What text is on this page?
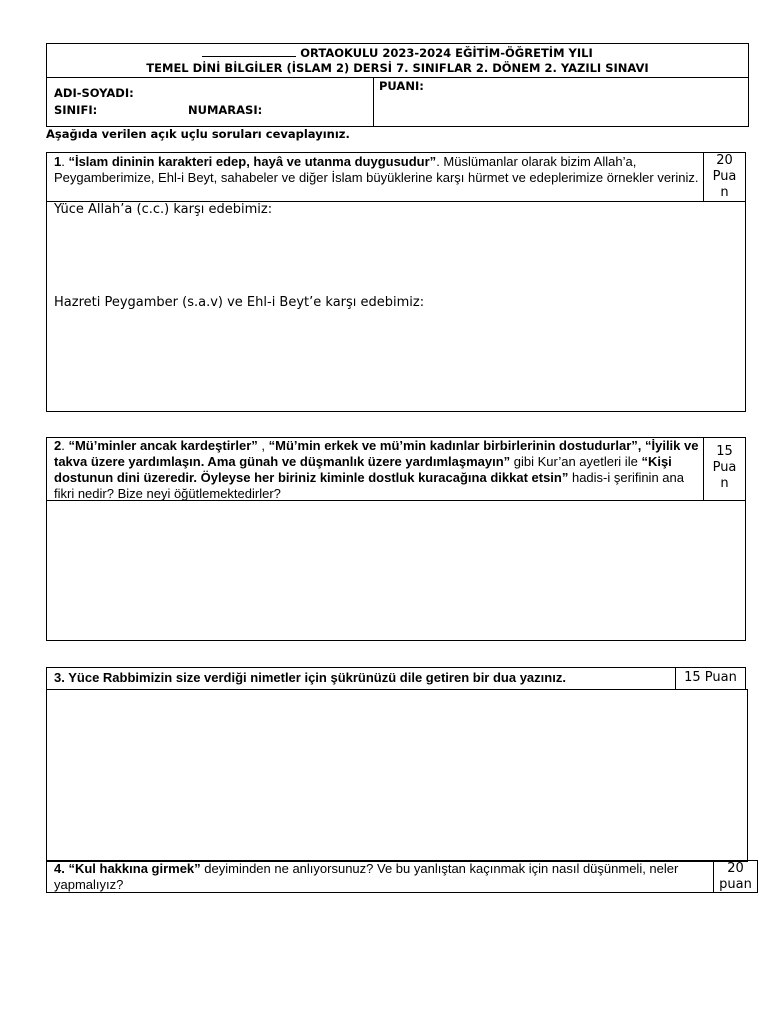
ORTAOKULU 2023-2024 EĞİTİM-ÖĞRETİM YILI
TEMEL DİNİ BİLGİLER (İSLAM 2) DERSİ 7. SINIFLAR 2. DÖNEM 2. YAZILI SINAVI
ADI-SOYADI:
SINIFI:	NUMARASI:
PUANI:
Aşağıda verilen açık uçlu soruları cevaplayınız.
1. “İslam dininin karakteri edep, hayâ ve utanma duygusudur”. Müslümanlar olarak bizim Allah’a, Peygamberimize, Ehl-i Beyt, sahabeler ve diğer İslam büyüklerine karşı hürmet ve edeplerimize örnekler veriniz.
20
Pua
n
Yüce Allah’a (c.c.) karşı edebimiz:
Hazreti Peygamber (s.a.v) ve Ehl-i Beyt’e karşı edebimiz:
2. “Mü’minler ancak kardeştirler” , “Mü’min erkek ve mü’min kadınlar birbirlerinin dostudurlar”, “İyilik ve takva üzere yardımlaşın. Ama günah ve düşmanlık üzere yardımlaşmayın” gibi Kur’an ayetleri ile “Kişi dostunun dini üzeredir. Öyleyse her biriniz kiminle dostluk kuracağına dikkat etsin” hadis-i şerifinin ana fikri nedir? Bize neyi öğütlemektedirler?
15
Pua
n
3. Yüce Rabbimizin size verdiği nimetler için şükrünüzü dile getiren bir dua yazınız.	15 Puan
4. “Kul hakkına girmek” deyiminden ne anlıyorsunuz? Ve bu yanlıştan kaçınmak için nasıl düşünmeli, neler yapmalıyız?
20
puan
